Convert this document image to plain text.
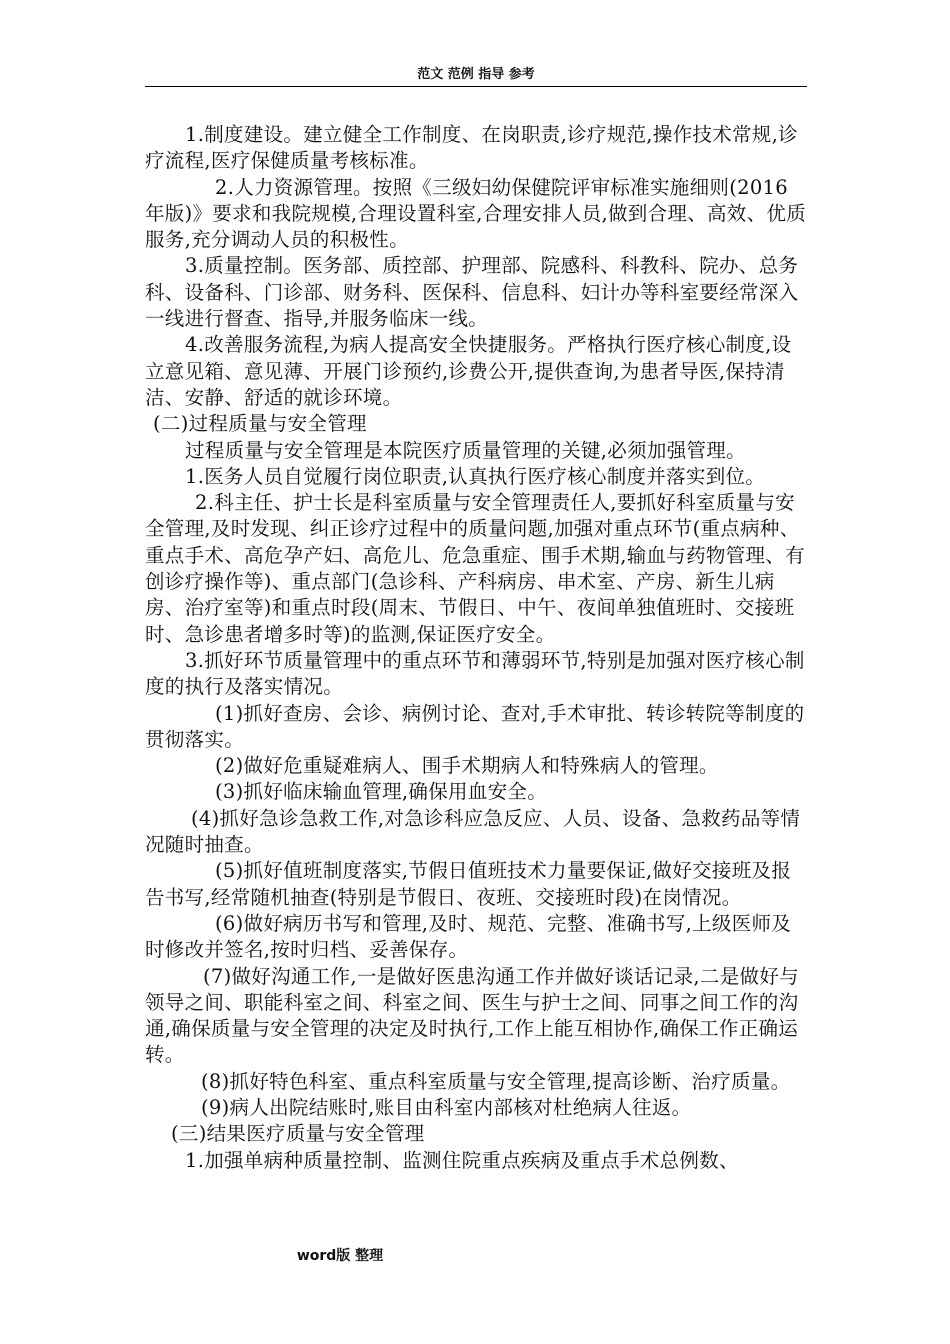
范文 范例 指导 参考

1.制度建设。建立健全工作制度、在岗职责,诊疗规范,操作技术常规,诊疗流程,医疗保健质量考核标准。

2.人力资源管理。按照《三级妇幼保健院评审标准实施细则(2016年版)》要求和我院规模,合理设置科室,合理安排人员,做到合理、高效、优质服务,充分调动人员的积极性。

3.质量控制。医务部、质控部、护理部、院感科、科教科、院办、总务科、设备科、门诊部、财务科、医保科、信息科、妇计办等科室要经常深入一线进行督查、指导,并服务临床一线。

4.改善服务流程,为病人提高安全快捷服务。严格执行医疗核心制度,设立意见箱、意见薄、开展门诊预约,诊费公开,提供查询,为患者导医,保持清洁、安静、舒适的就诊环境。

(二)过程质量与安全管理

过程质量与安全管理是本院医疗质量管理的关键,必须加强管理。

1.医务人员自觉履行岗位职责,认真执行医疗核心制度并落实到位。

2.科主任、护士长是科室质量与安全管理责任人,要抓好科室质量与安全管理,及时发现、纠正诊疗过程中的质量问题,加强对重点环节(重点病种、重点手术、高危孕产妇、高危儿、危急重症、围手术期,输血与药物管理、有创诊疗操作等)、重点部门(急诊科、产科病房、串术室、产房、新生儿病房、治疗室等)和重点时段(周末、节假日、中午、夜间单独值班时、交接班时、急诊患者增多时等)的监测,保证医疗安全。

3.抓好环节质量管理中的重点环节和薄弱环节,特别是加强对医疗核心制度的执行及落实情况。

(1)抓好查房、会诊、病例讨论、查对,手术审批、转诊转院等制度的贯彻落实。

(2)做好危重疑难病人、围手术期病人和特殊病人的管理。

(3)抓好临床输血管理,确保用血安全。

(4)抓好急诊急救工作,对急诊科应急反应、人员、设备、急救药品等情况随时抽查。

(5)抓好值班制度落实,节假日值班技术力量要保证,做好交接班及报告书写,经常随机抽查(特别是节假日、夜班、交接班时段)在岗情况。

(6)做好病历书写和管理,及时、规范、完整、准确书写,上级医师及时修改并签名,按时归档、妥善保存。

(7)做好沟通工作,一是做好医患沟通工作并做好谈话记录,二是做好与领导之间、职能科室之间、科室之间、医生与护士之间、同事之间工作的沟通,确保质量与安全管理的决定及时执行,工作上能互相协作,确保工作正确运转。

(8)抓好特色科室、重点科室质量与安全管理,提高诊断、治疗质量。

(9)病人出院结账时,账目由科室内部核对杜绝病人往返。

(三)结果医疗质量与安全管理

1.加强单病种质量控制、监测住院重点疾病及重点手术总例数、

word版 整理
